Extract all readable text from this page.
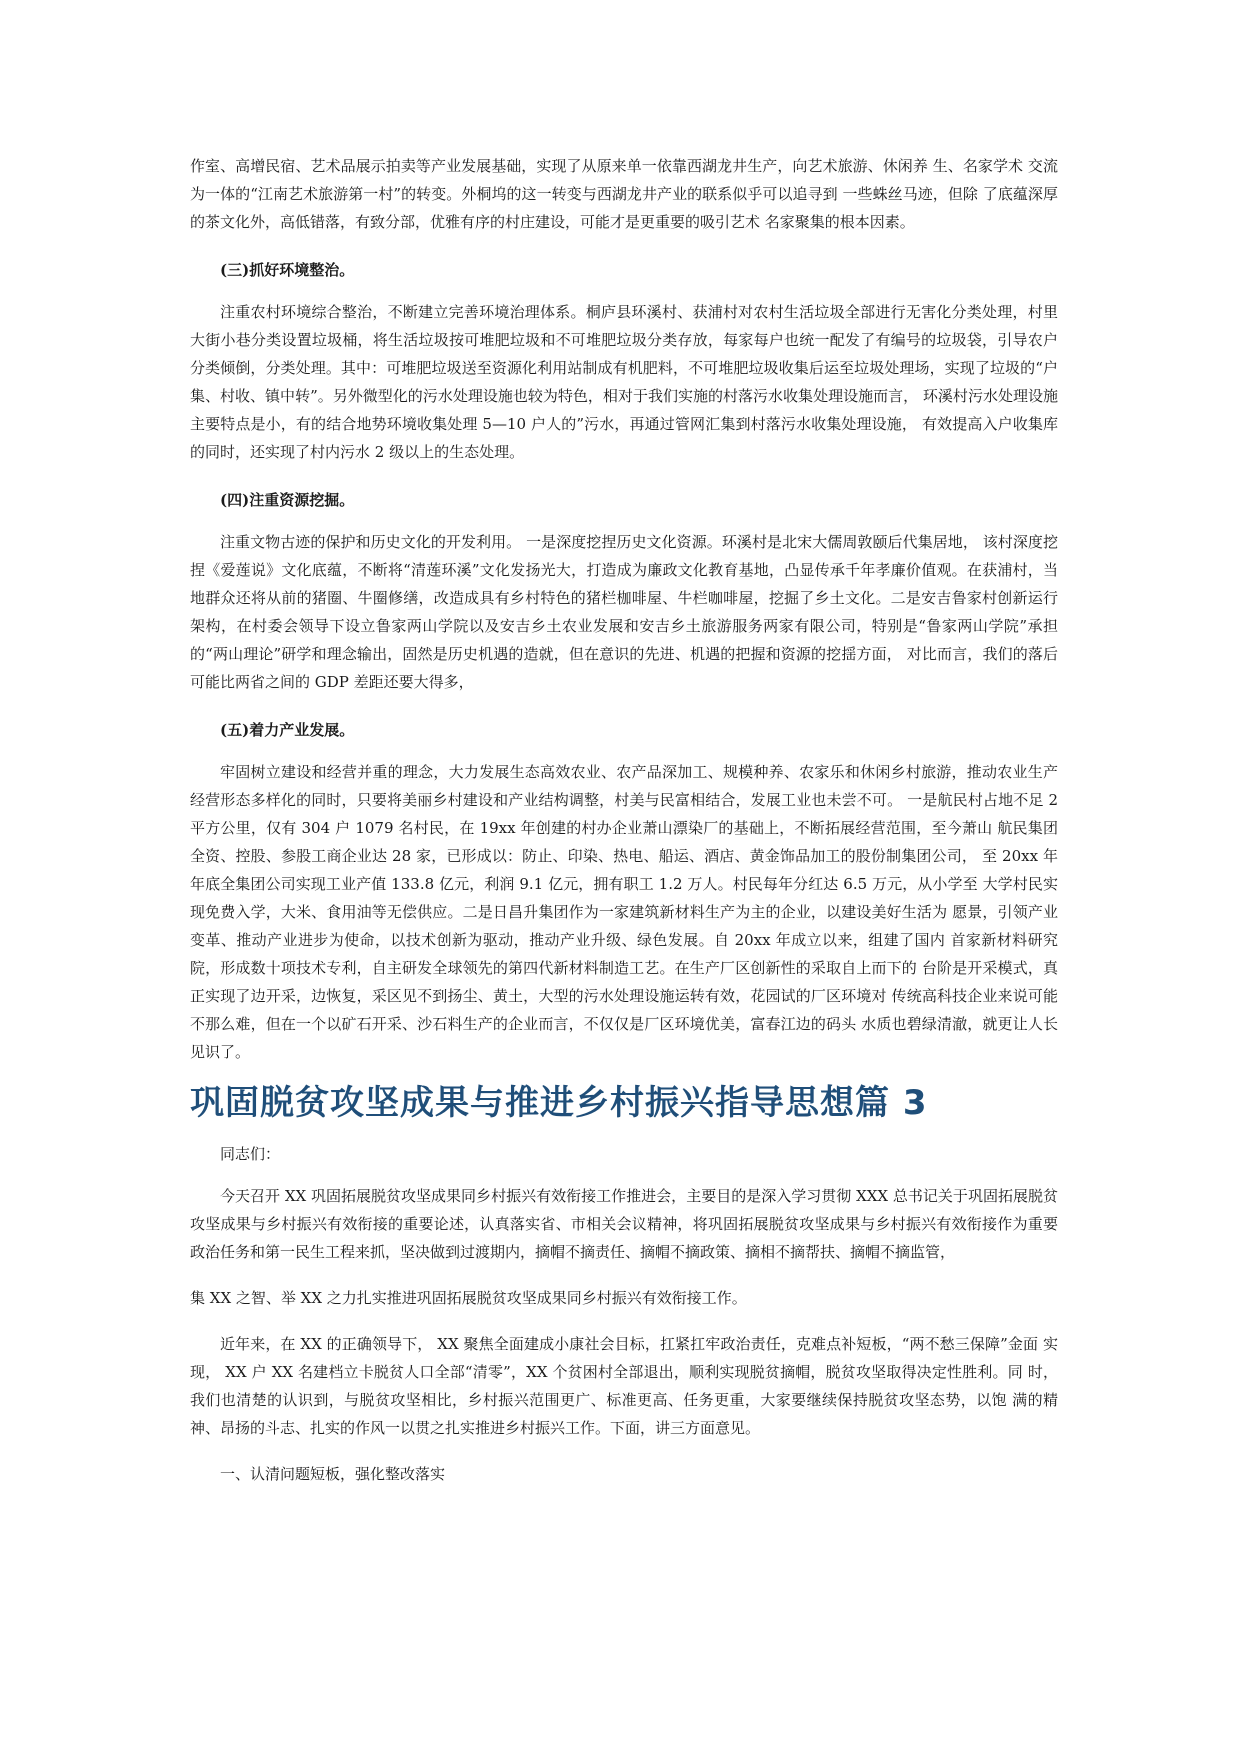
作室、高增民宿、艺术品展示拍卖等产业发展基础，实现了从原来单一依靠西湖龙井生产，向艺术旅游、休闲养 生、名家学术 交流为一体的“江南艺术旅游第一村”的转变。外桐坞的这一转变与西湖龙井产业的联系似乎可以追寻到 一些蛛丝马迹，但除 了底蕴深厚的茶文化外，高低错落，有致分部，优雅有序的村庄建设，可能才是更重要的吸引艺术 名家聚集的根本因素。

(三)抓好环境整治。

注重农村环境综合整治，不断建立完善环境治理体系。桐庐县环溪村、获浦村对农村生活垃圾全部进行无害化分类处理，村里大街小巷分类设置垃圾桶，将生活垃圾按可堆肥垃圾和不可堆肥垃圾分类存放，每家每户也统一配发了有编号的垃圾袋，引导农户分类倾倒，分类处理。其中：可堆肥垃圾送至资源化利用站制成有机肥料，不可堆肥垃圾收集后运至垃圾处理场，实现了垃圾的“户集、村收、镇中转”。另外微型化的污水处理设施也较为特色，相对于我们实施的村落污水收集处理设施而言， 环溪村污水处理设施主要特点是小，有的结合地势环境收集处理 5—10 户人的”污水，再通过管网汇集到村落污水收集处理设施， 有效提高入户收集库的同时，还实现了村内污水 2 级以上的生态处理。

(四)注重资源挖掘。

注重文物古迹的保护和历史文化的开发利用。 一是深度挖捏历史文化资源。环溪村是北宋大儒周敦颐后代集居地， 该村深度挖捏《爱莲说》文化底蕴，不断将“清莲环溪”文化发扬光大，打造成为廉政文化教育基地，凸显传承千年孝廉价值观。在获浦村，当地群众还将从前的猪圈、牛圈修缮，改造成具有乡村特色的猪栏枷啡屋、牛栏咖啡屋，挖掘了乡土文化。二是安吉鲁家村创新运行架构，在村委会领导下设立鲁家两山学院以及安吉乡土农业发展和安吉乡土旅游服务两家有限公司，特别是“鲁家两山学院”承担的“两山理论”研学和理念输出，固然是历史机遇的造就，但在意识的先进、机遇的把握和资源的挖揺方面， 对比而言，我们的落后可能比两省之间的 GDP 差距还要大得多，

(五)着力产业发展。

牢固树立建设和经营并重的理念，大力发展生态高效农业、农产品深加工、规模种养、农家乐和休闲乡村旅游，推动农业生产经营形态多样化的同时，只要将美丽乡村建设和产业结构调整，村美与民富相结合，发展工业也未尝不可。 一是航民村占地不足 2 平方公里，仅有 304 户 1079 名村民，在 19xx 年创建的村办企业萧山漂染厂的基础上，不断拓展经营范围，至今萧山 航民集团全资、控股、参股工商企业达 28 家，已形成以：防止、印染、热电、船运、酒店、黄金饰品加工的股份制集团公司， 至 20xx 年年底全集团公司实现工业产值 133.8 亿元，利润 9.1 亿元，拥有职工 1.2 万人。村民每年分红达 6.5 万元，从小学至 大学村民实现免费入学，大米、食用油等无偿供应。二是日昌升集团作为一家建筑新材料生产为主的企业，以建设美好生活为 愿景，引领产业变革、推动产业进步为使命，以技术创新为驱动，推动产业升级、绿色发展。自 20xx 年成立以来，组建了国内 首家新材料研究院，形成数十项技术专利，自主研发全球领先的第四代新材料制造工艺。在生产厂区创新性的采取自上而下的 台阶是开采模式，真正实现了边开采，边恢复，采区见不到扬尘、黄土，大型的污水处理设施运转有效，花园试的厂区环境对 传统高科技企业来说可能不那么难，但在一个以矿石开采、沙石料生产的企业而言，不仅仅是厂区环境优美，富春江边的码头 水质也碧绿清澈，就更让人长见识了。

巩固脱贫攻坚成果与推进乡村振兴指导思想篇 3

同志们：

今天召开 XX 巩固拓展脱贫攻坚成果同乡村振兴有效衔接工作推进会，主要目的是深入学习贯彻 XXX 总书记关于巩固拓展脱贫攻坚成果与乡村振兴有效衔接的重要论述，认真落实省、市相关会议精神，将巩固拓展脱贫攻坚成果与乡村振兴有效衔接作为重要政治任务和第一民生工程来抓，坚决做到过渡期内，摘帽不摘责任、摘帽不摘政策、摘相不摘帮扶、摘帽不摘监管，

集 XX 之智、举 XX 之力扎实推进巩固拓展脱贫攻坚成果同乡村振兴有效衔接工作。

近年来，在 XX 的正确领导下， XX 聚焦全面建成小康社会目标，扛紧扛牢政治责任，克难点补短板，“两不愁三保障”金面 实现， XX 户 XX 名建档立卡脱贫人口全部“清零”，XX 个贫困村全部退出，顺利实现脱贫摘帽，脱贫攻坚取得决定性胜利。同 时，我们也清楚的认识到，与脱贫攻坚相比，乡村振兴范围更广、标准更高、任务更重，大家要继续保持脱贫攻坚态势，以饱 满的精神、昂扬的斗志、扎实的作风一以贯之扎实推进乡村振兴工作。下面，讲三方面意见。

一、认清问题短板，强化整改落实
